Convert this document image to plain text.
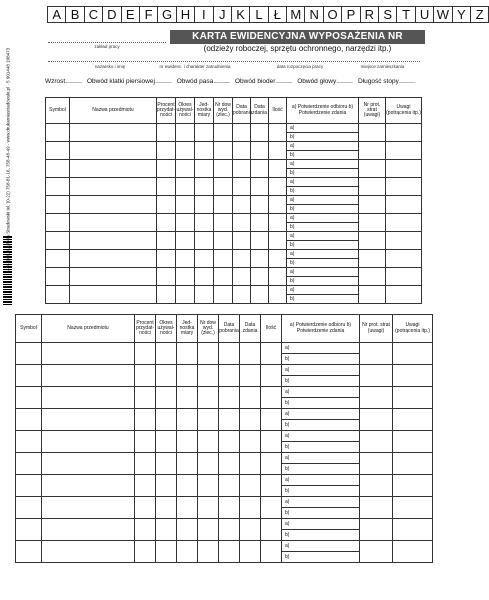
A B C D E F G H I	J K L Ł M N O P R S T U W Y Z
zakład pracy
KARTA EWIDENCYJNA WYPOSAŻENIA NR
(odzieży roboczej, sprzętu ochronnego, narzędzi itp.)
nazwisko i imię	nr ewidenc. i charakter zatrudnienia	data rozpoczęcia pracy	miejsce zamieszkania
Wzrost .....	Obwód klatki piersiowej .....	Obwód pasa .....	Obwód bioder .....	Obwód głowy .....	Długość stopy .....
Symbol	Nazwa przedmiotu	Procent przydat-ności	Okres używal-ności	Jed-nostka miary	Nr dow wyd. (zlec.)	Data pobrania	Data zdania	Ilość	a) Potwierdzenie odbioru b) Potwierdzenie zdania	Nr prot. strat (uwagi)	Uwagi (potrącenia itp.)
									a)		
									b)		
									a)		
									b)		
									a)		
									b)		
									a)		
									b)		
									a)		
									b)		
									a)		
									b)		
									a)		
									b)		
									a)		
									b)		
									a)		
									b)		
									a)		
									b)		
Symbol	Nazwa przedmiotu	Procent przydat-ności	Okres używal-ności	Jed-nostka miary	Nr dow wyd. (zlec.)	Data pobrania	Data zdania	Ilość	a) Potwierdzenie odbioru b) Potwierdzenie zdania	Nr prot. strat (uwagi)	Uwagi (potrącenia itp.)
									a)		
									b)		
									a)		
									b)		
									a)		
									b)		
									a)		
									b)		
									a)		
									b)		
									a)		
									b)		
									a)		
									b)		
									a)		
									b)		
									a)		
									b)		
									a)		
									b)		
N-3 · DRUKARNIA Stradowski tel. (0-22) 758-81-16, 758-48-49 · www.drukarniastradowski.pl · 5 901448 108473
